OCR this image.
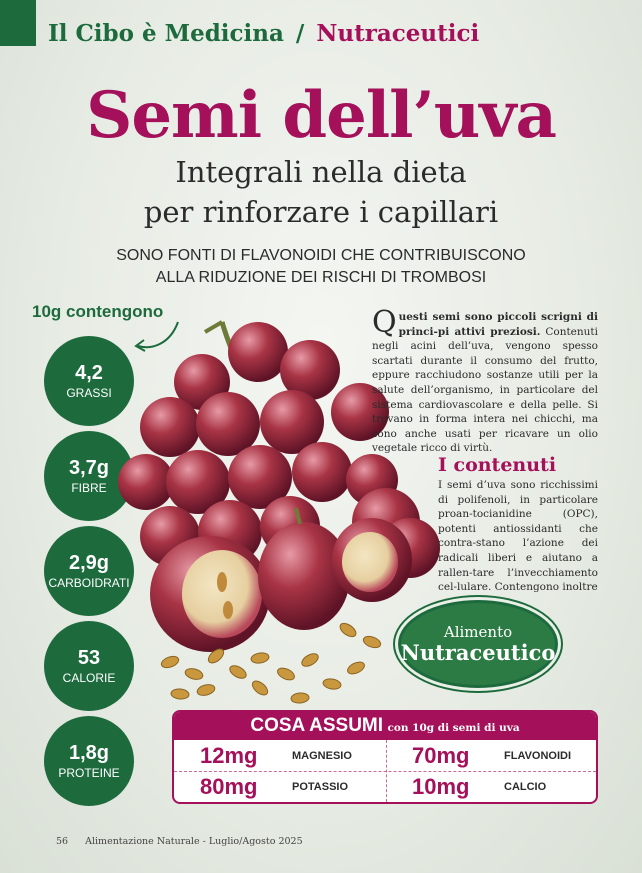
Il Cibo è Medicina / Nutraceutici
Semi dell’uva
Integrali nella dieta
per rinforzare i capillari
SONO FONTI DI FLAVONOIDI CHE CONTRIBUISCONO
ALLA RIDUZIONE DEI RISCHI DI TROMBOSI
10g contengono
4,2
GRASSI
3,7g
FIBRE
2,9g
CARBOIDRATI
53
CALORIE
1,8g
PROTEINE
Questi semi sono piccoli scrigni di princi-pi attivi preziosi. Contenuti negli acini dell’uva, vengono spesso scartati durante il consumo del frutto, eppure racchiudono sostanze utili per la salute dell’organismo, in particolare del sistema cardiovascolare e della pelle. Si trovano in forma intera nei chicchi, ma sono anche usati per ricavare un olio vegetale ricco di virtù.
I contenuti
I semi d’uva sono ricchissimi di polifenoli, in particolare proan-tocianidine (OPC), potenti antiossidanti che contra-stano l’azione dei radicali liberi e aiutano a rallen-tare l’invecchiamento cel-lulare. Contengono inoltre
Alimento
Nutraceutico
COSA ASSUMI con 10g di semi di uva
12mg	MAGNESIO	70mg	FLAVONOIDI
80mg	POTASSIO	10mg	CALCIO
56 Alimentazione Naturale - Luglio/Agosto 2025
